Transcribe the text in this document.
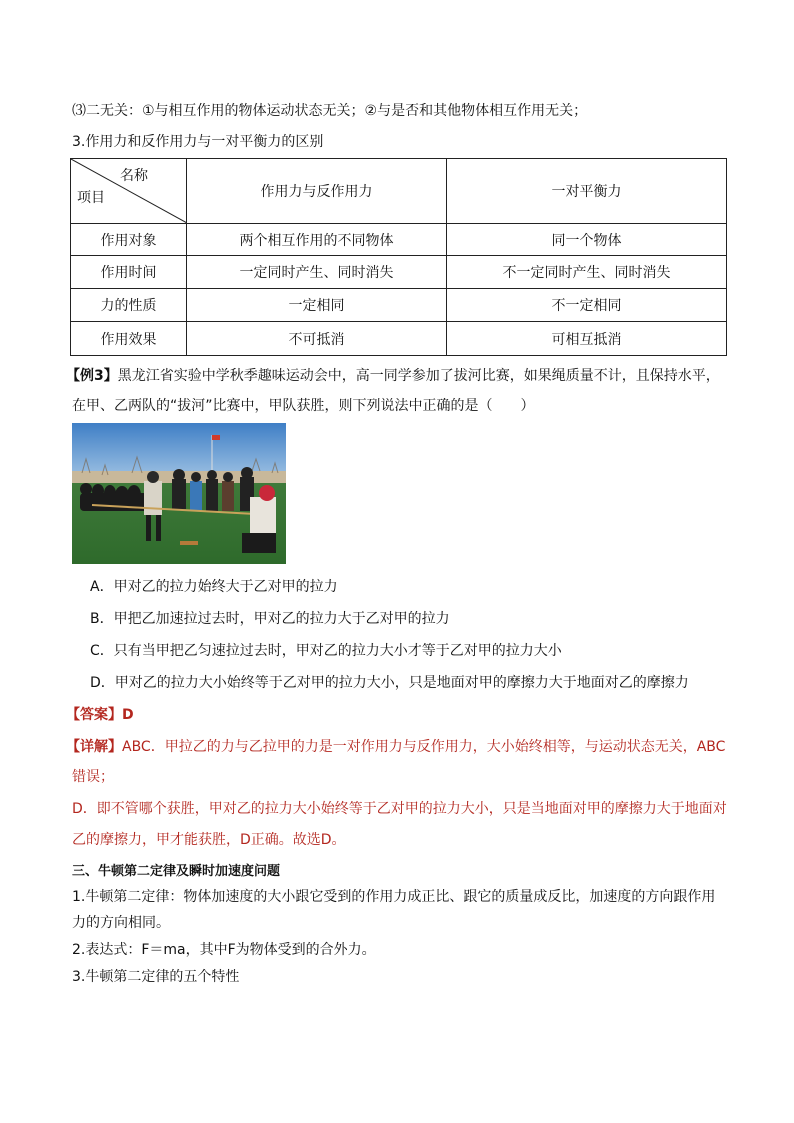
⑶二无关：①与相互作用的物体运动状态无关；②与是否和其他物体相互作用无关；
3.作用力和反作用力与一对平衡力的区别
名称
项目	作用力与反作用力	一对平衡力
作用对象	两个相互作用的不同物体	同一个物体
作用时间	一定同时产生、同时消失	不一定同时产生、同时消失
力的性质	一定相同	不一定相同
作用效果	不可抵消	可相互抵消
【例3】黑龙江省实验中学秋季趣味运动会中，高一同学参加了拔河比赛，如果绳质量不计，且保持水平，
在甲、乙两队的“拔河”比赛中，甲队获胜，则下列说法中正确的是（　　）
A．甲对乙的拉力始终大于乙对甲的拉力
B．甲把乙加速拉过去时，甲对乙的拉力大于乙对甲的拉力
C．只有当甲把乙匀速拉过去时，甲对乙的拉力大小才等于乙对甲的拉力大小
D．甲对乙的拉力大小始终等于乙对甲的拉力大小，只是地面对甲的摩擦力大于地面对乙的摩擦力
【答案】D
【详解】ABC．甲拉乙的力与乙拉甲的力是一对作用力与反作用力，大小始终相等，与运动状态无关，ABC
错误；
D．即不管哪个获胜，甲对乙的拉力大小始终等于乙对甲的拉力大小，只是当地面对甲的摩擦力大于地面对
乙的摩擦力，甲才能获胜，D正确。故选D。
三、牛顿第二定律及瞬时加速度问题
1.牛顿第二定律：物体加速度的大小跟它受到的作用力成正比、跟它的质量成反比，加速度的方向跟作用
力的方向相同。
2.表达式：F＝ma，其中F为物体受到的合外力。
3.牛顿第二定律的五个特性
